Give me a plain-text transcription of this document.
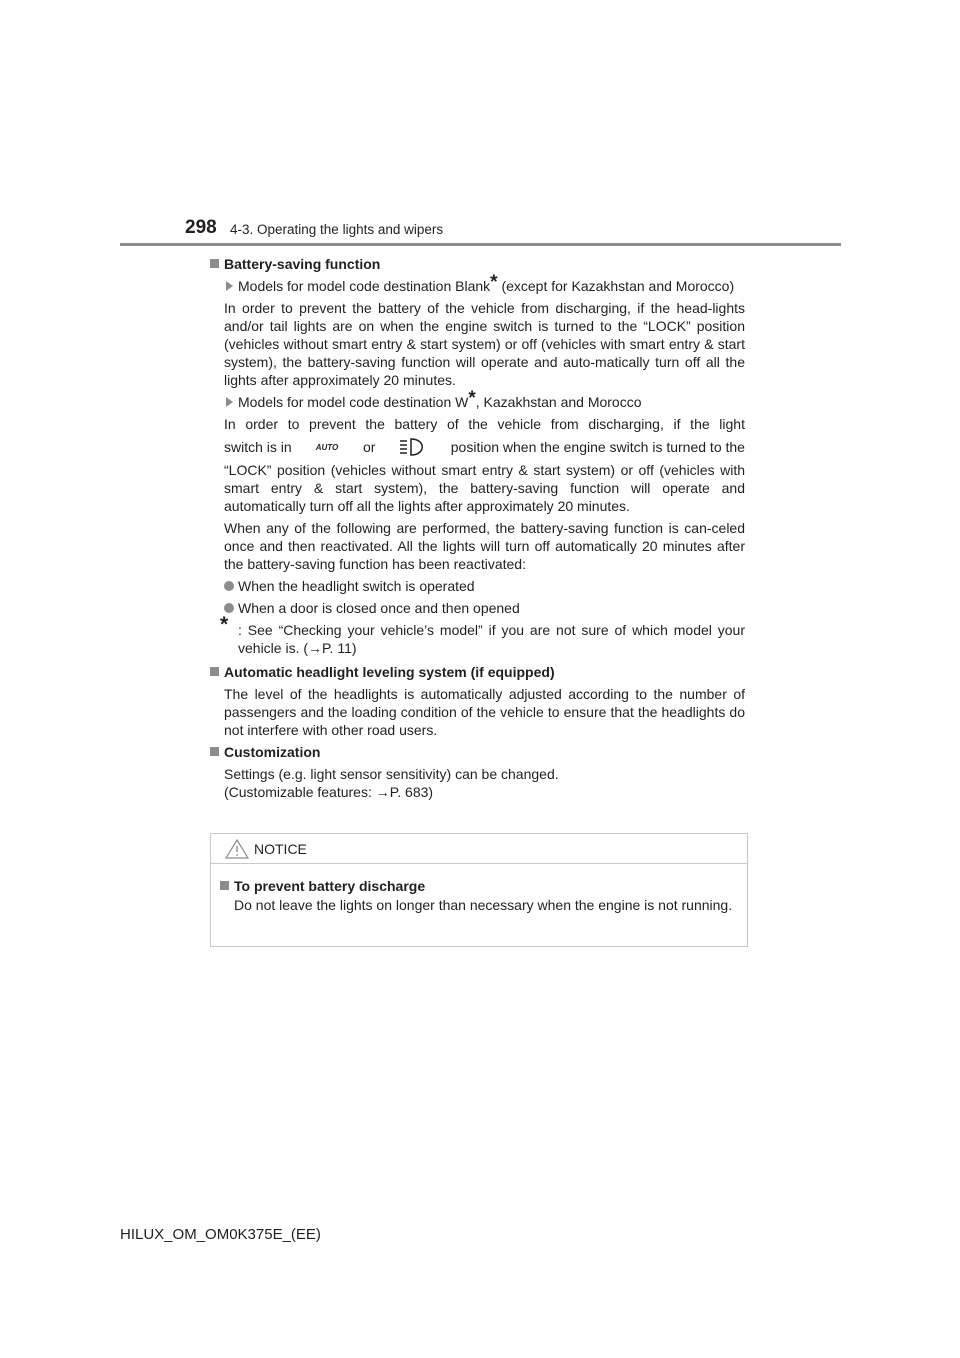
298 4-3. Operating the lights and wipers
Battery-saving function
Models for model code destination Blank* (except for Kazakhstan and Morocco)
In order to prevent the battery of the vehicle from discharging, if the head-lights and/or tail lights are on when the engine switch is turned to the “LOCK” position (vehicles without smart entry & start system) or off (vehicles with smart entry & start system), the battery-saving function will operate and auto-matically turn off all the lights after approximately 20 minutes.
Models for model code destination W*, Kazakhstan and Morocco
In order to prevent the battery of the vehicle from discharging, if the light
switch is in	AUTO or	position when the engine switch is turned to the
“LOCK” position (vehicles without smart entry & start system) or off (vehicles with smart entry & start system), the battery-saving function will operate and automatically turn off all the lights after approximately 20 minutes.
When any of the following are performed, the battery-saving function is can-celed once and then reactivated. All the lights will turn off automatically 20 minutes after the battery-saving function has been reactivated:
When the headlight switch is operated
When a door is closed once and then opened
* : See “Checking your vehicle’s model” if you are not sure of which model your vehicle is. (→P. 11)
Automatic headlight leveling system (if equipped)
The level of the headlights is automatically adjusted according to the number of passengers and the loading condition of the vehicle to ensure that the headlights do not interfere with other road users.
Customization
Settings (e.g. light sensor sensitivity) can be changed.
(Customizable features: →P. 683)
NOTICE
To prevent battery discharge
Do not leave the lights on longer than necessary when the engine is not running.
HILUX_OM_OM0K375E_(EE)
